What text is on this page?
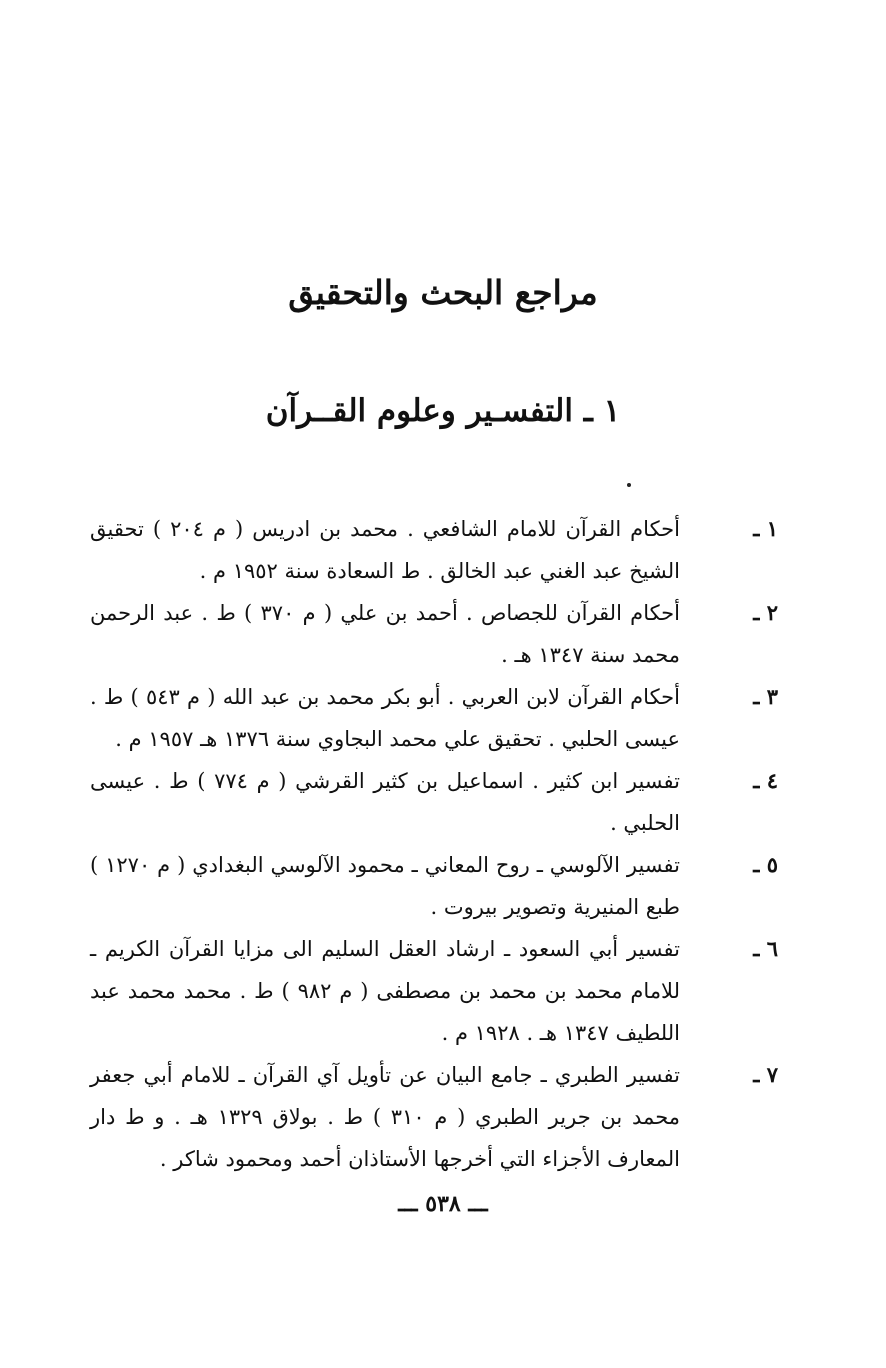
مراجع البحث والتحقيق
١ ـ التفسـير وعلوم القــرآن
١ ـ
أحكام القرآن للامام الشافعي . محمد بن ادريس ( م ٢٠٤ ) تحقيق الشيخ عبد الغني عبد الخالق . ط السعادة سنة ١٩٥٢ م .
٢ ـ
أحكام القرآن للجصاص . أحمد بن علي ( م ٣٧٠ ) ط . عبد الرحمن محمد سنة ١٣٤٧ هـ .
٣ ـ
أحكام القرآن لابن العربي . أبو بكر محمد بن عبد الله ( م ٥٤٣ ) ط . عيسى الحلبي . تحقيق علي محمد البجاوي سنة ١٣٧٦ هـ ١٩٥٧ م .
٤ ـ
تفسير ابن كثير . اسماعيل بن كثير القرشي ( م ٧٧٤ ) ط . عيسى الحلبي .
٥ ـ
تفسير الآلوسي ـ روح المعاني ـ محمود الآلوسي البغدادي ( م ١٢٧٠ ) طبع المنيرية وتصوير بيروت .
٦ ـ
تفسير أبي السعود ـ ارشاد العقل السليم الى مزايا القرآن الكريم ـ للامام محمد بن محمد بن مصطفى ( م ٩٨٢ ) ط . محمد محمد عبد اللطيف ١٣٤٧ هـ . ١٩٢٨ م .
٧ ـ
تفسير الطبري ـ جامع البيان عن تأويل آي القرآن ـ للامام أبي جعفر محمد بن جرير الطبري ( م ٣١٠ ) ط . بولاق ١٣٢٩ هـ . و ط دار المعارف الأجزاء التي أخرجها الأستاذان أحمد ومحمود شاكر .
ـــ ٥٣٨ ـــ
